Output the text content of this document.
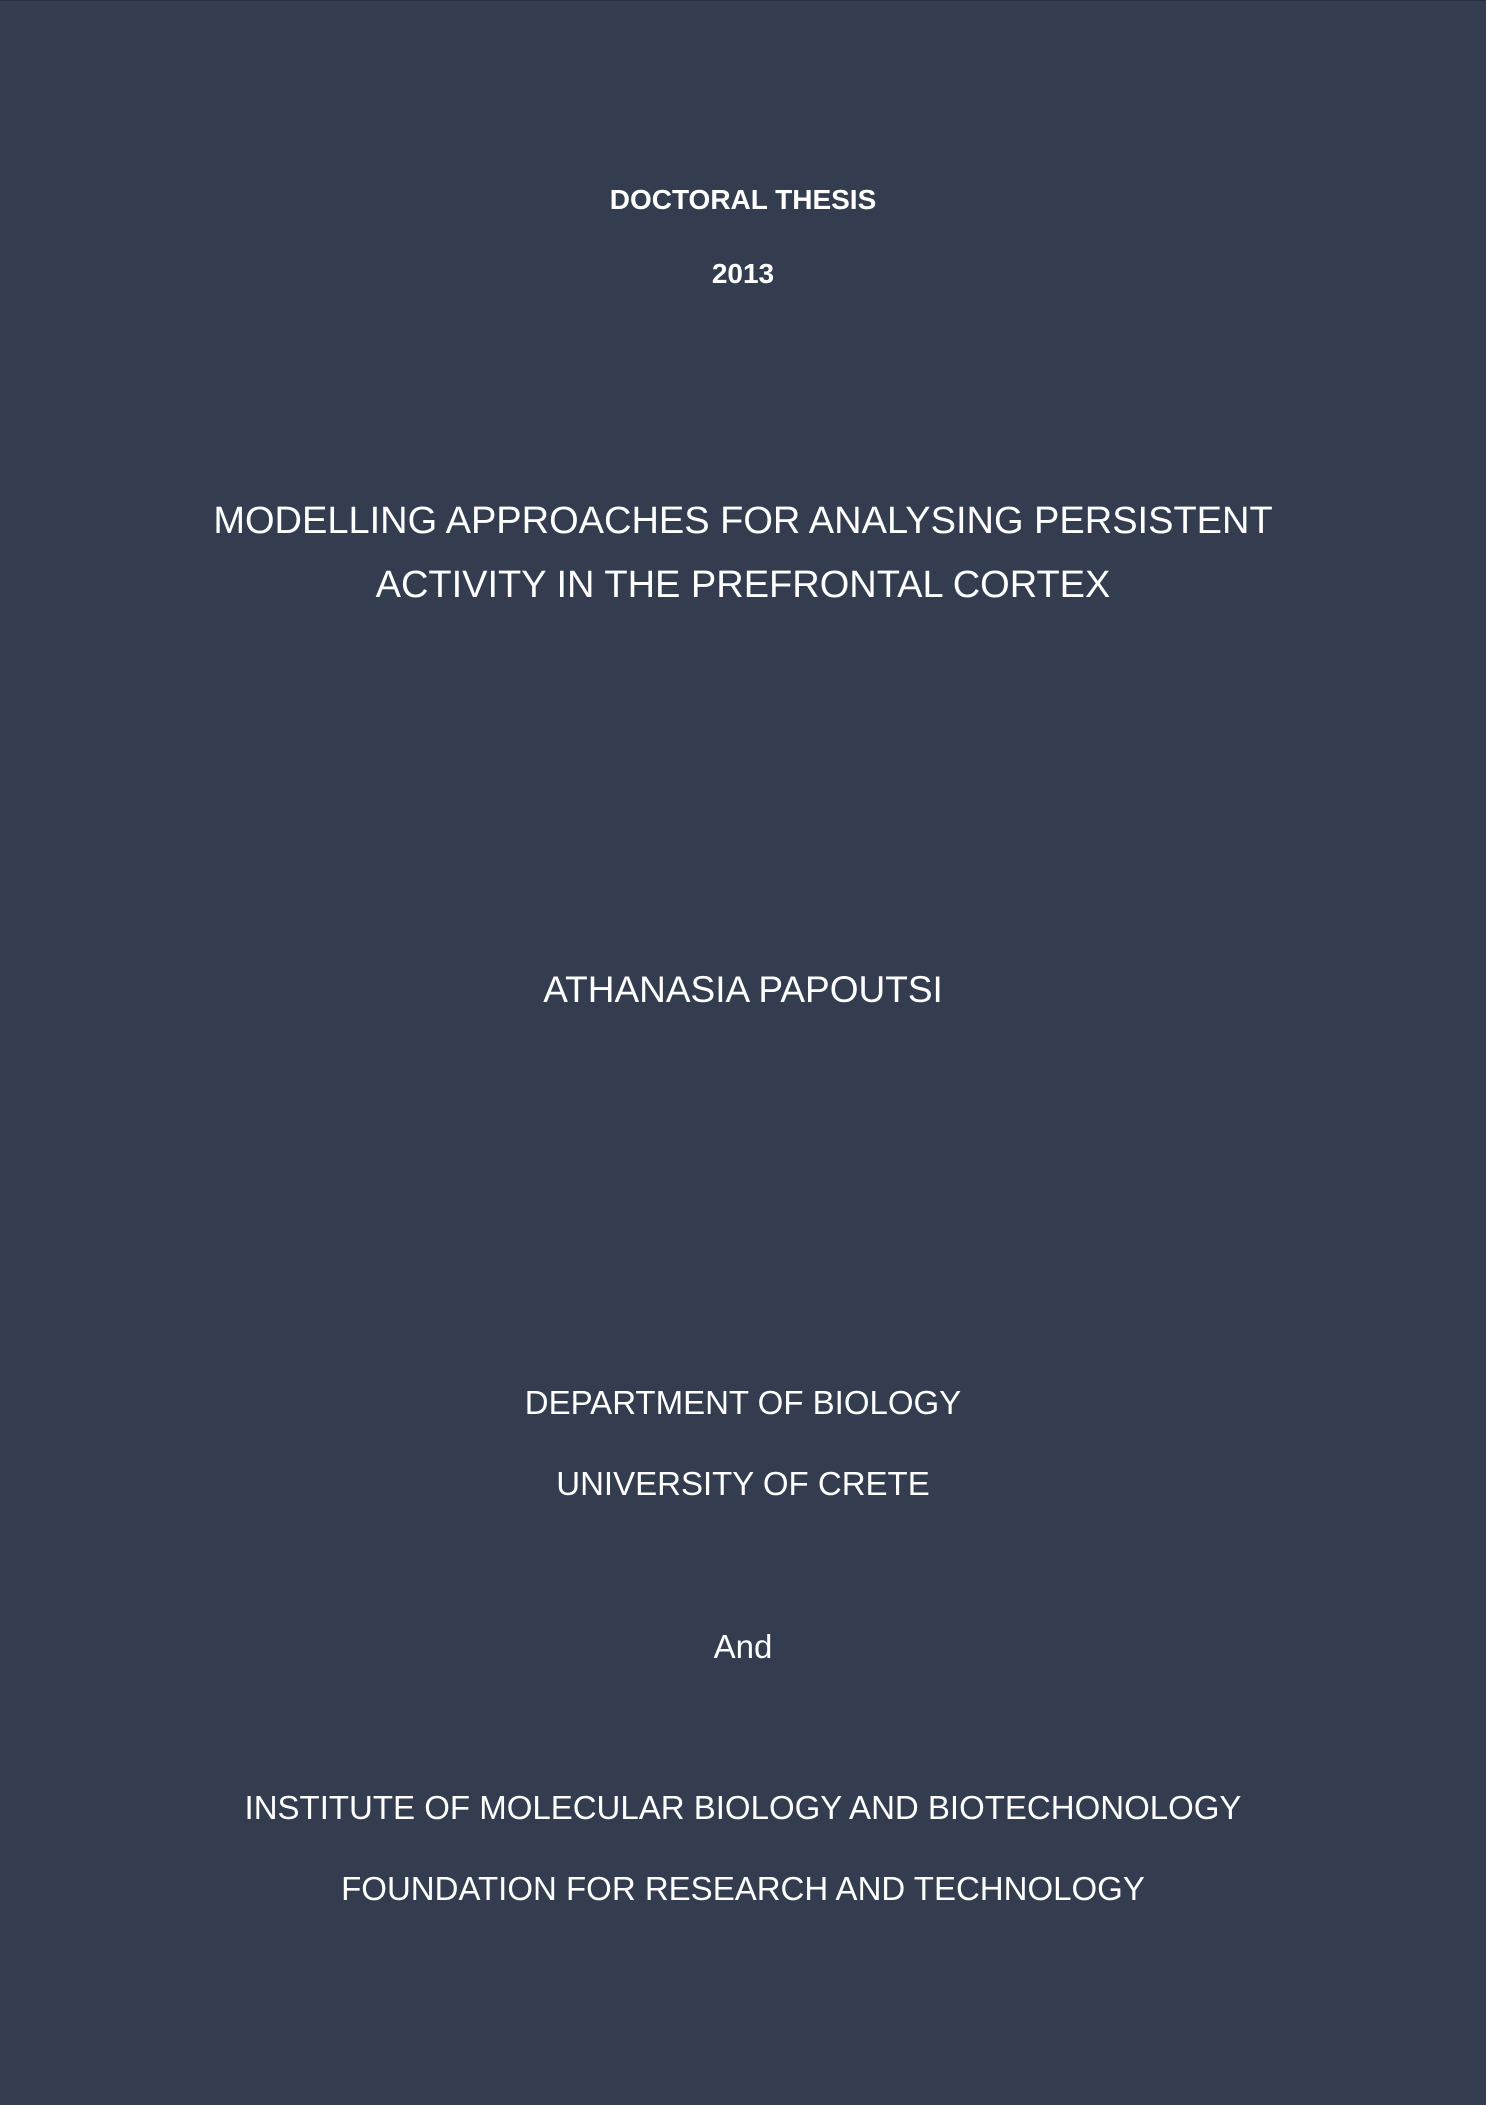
DOCTORAL THESIS

2013

MODELLING APPROACHES FOR ANALYSING PERSISTENT
ACTIVITY IN THE PREFRONTAL CORTEX

ATHANASIA PAPOUTSI

DEPARTMENT OF BIOLOGY

UNIVERSITY OF CRETE

And

INSTITUTE OF MOLECULAR BIOLOGY AND BIOTECHONOLOGY

FOUNDATION FOR RESEARCH AND TECHNOLOGY
